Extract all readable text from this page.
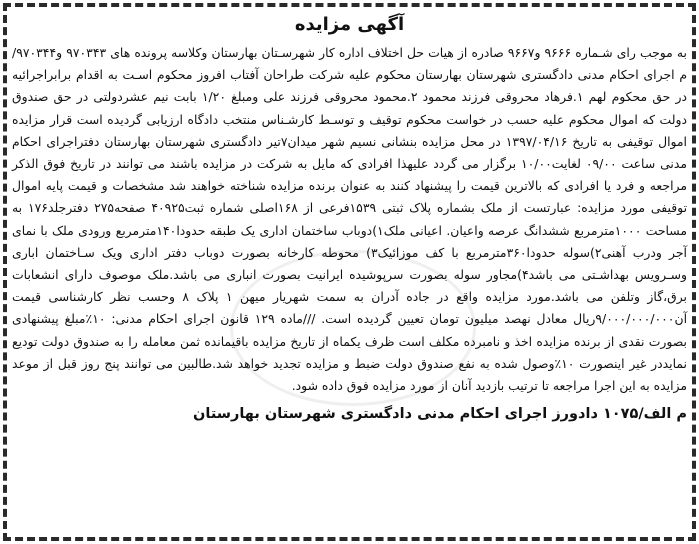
آگهی مزایده

به موجب رای شـماره ۹۶۶۶ و۹۶۶۷ صادره از هیات حل اختلاف اداره کار شهرسـتان بهارستان وکلاسه پرونده های ۹۷۰۳۴۳ و۹۷۰۳۴۴/م اجرای احکام مدنی دادگستری شهرستان بهارستان محکوم علیه شرکت طراحان آفتاب افروز محکوم اسـت به اقدام برابراجرائیه در حق محکوم لهم ۱.فرهاد محروقی فرزند محمود ۲.محمود محروقی فرزند علی ومبلغ ۱/۲۰ بابت نیم عشردولتی در حق صندوق دولت که اموال محکوم علیه حسب در خواست محکوم توقیف و توسـط کارشـناس منتخب دادگاه ارزیابی گردیده است قرار مزایده اموال توقیفی به تاریخ ۱۳۹۷/۰۴/۱۶ در محل مزایده بنشانی نسیم شهر میدان۷تیر دادگستری شهرستان بهارستان دفتراجرای احکام مدنی ساعت ۰۹/۰۰ لغایت۱۰/۰۰ برگزار می گردد علیهذا افرادی که مایل به شرکت در مزایده باشند می توانند در تاریخ فوق الذکر مراجعه و فرد یا افرادی که بالاترین قیمت را پیشنهاد کنند به عنوان برنده مزایده شناخته خواهند شد مشخصات و قیمت پایه اموال توقیفی مورد مزایده: عبارتست از ملک بشماره پلاک ثبتی ۱۵۳۹فرعی از ۱۶۸اصلی شماره ثبت۴۰۹۲۵ صفحه۲۷۵ دفترجلد۱۷۶ به مساحت ۱۰۰۰مترمربع ششدانگ عرصه واعیان. اعیانی ملک۱)دوباب ساختمان اداری یک طبقه حدودا۱۴۰مترمربع ورودی ملک با نمای آجر ودرب آهنی۲)سوله حدودا۳۶۰مترمربع با کف موزائیک۳) محوطه کارخانه بصورت دوباب دفتر اداری ویک سـاختمان اباری وسـرویس بهداشـتی می باشد۴)مجاور سوله بصورت سرپوشیده ایرانیت بصورت انباری می باشد.ملک موصوف دارای انشعابات برق،گاز وتلفن می باشد.مورد مزایده واقع در جاده آدران به سمت شهریار میهن ۱ پلاک ۸ وحسب نظر کارشناسی قیمت آن۹/۰۰۰/۰۰۰/۰۰۰ریال معادل نهصد میلیون تومان تعیین گردیده است. ///ماده ۱۲۹ قانون اجرای احکام مدنی: ۱۰٪مبلغ پیشنهادی بصورت نقدی از برنده مزایده اخذ و نامبرده مکلف است ظرف یکماه از تاریخ مزایده باقیمانده ثمن معامله را به صندوق دولت تودیع نمایددر غیر اینصورت ۱۰٪وصول شده به نفع صندوق دولت ضبط و مزایده تجدید خواهد شد.طالبین می توانند پنج روز قبل از موعد مزایده به این اجرا مراجعه تا ترتیب بازدید آنان از مورد مزایده فوق داده شود.

م الف/۱۰۷۵ دادورز اجرای احکام مدنی دادگستری شهرستان بهارستان
